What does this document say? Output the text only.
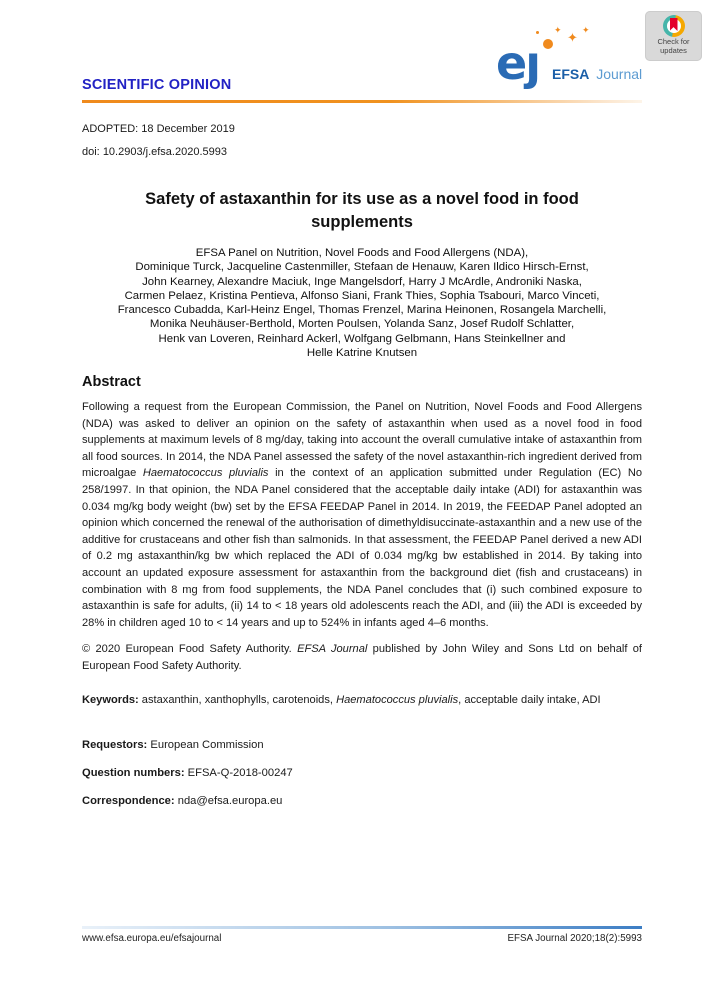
SCIENTIFIC OPINION
✦ ✦ ✦
eȷ EFSA Journal
Check for
updates
ADOPTED: 18 December 2019
doi: 10.2903/j.efsa.2020.5993
Safety of astaxanthin for its use as a novel food in food
supplements
EFSA Panel on Nutrition, Novel Foods and Food Allergens (NDA),
Dominique Turck, Jacqueline Castenmiller, Stefaan de Henauw, Karen Ildico Hirsch-Ernst,
John Kearney, Alexandre Maciuk, Inge Mangelsdorf, Harry J McArdle, Androniki Naska,
Carmen Pelaez, Kristina Pentieva, Alfonso Siani, Frank Thies, Sophia Tsabouri, Marco Vinceti,
Francesco Cubadda, Karl-Heinz Engel, Thomas Frenzel, Marina Heinonen, Rosangela Marchelli,
Monika Neuhäuser-Berthold, Morten Poulsen, Yolanda Sanz, Josef Rudolf Schlatter,
Henk van Loveren, Reinhard Ackerl, Wolfgang Gelbmann, Hans Steinkellner and
Helle Katrine Knutsen
Abstract

Following a request from the European Commission, the Panel on Nutrition, Novel Foods and Food Allergens (NDA) was asked to deliver an opinion on the safety of astaxanthin when used as a novel food in food supplements at maximum levels of 8 mg/day, taking into account the overall cumulative intake of astaxanthin from all food sources. In 2014, the NDA Panel assessed the safety of the novel astaxanthin-rich ingredient derived from microalgae Haematococcus pluvialis in the context of an application submitted under Regulation (EC) No 258/1997. In that opinion, the NDA Panel considered that the acceptable daily intake (ADI) for astaxanthin was 0.034 mg/kg body weight (bw) set by the EFSA FEEDAP Panel in 2014. In 2019, the FEEDAP Panel adopted an opinion which concerned the renewal of the authorisation of dimethyldisuccinate-astaxanthin and a new use of the additive for crustaceans and other fish than salmonids. In that assessment, the FEEDAP Panel derived a new ADI of 0.2 mg astaxanthin/kg bw which replaced the ADI of 0.034 mg/kg bw established in 2014. By taking into account an updated exposure assessment for astaxanthin from the background diet (fish and crustaceans) in combination with 8 mg from food supplements, the NDA Panel concludes that (i) such combined exposure to astaxanthin is safe for adults, (ii) 14 to < 18 years old adolescents reach the ADI, and (iii) the ADI is exceeded by 28% in children aged 10 to < 14 years and up to 524% in infants aged 4–6 months.

© 2020 European Food Safety Authority. EFSA Journal published by John Wiley and Sons Ltd on behalf of European Food Safety Authority.

Keywords: astaxanthin, xanthophylls, carotenoids, Haematococcus pluvialis, acceptable daily intake, ADI

Requestors: European Commission
Question numbers: EFSA-Q-2018-00247
Correspondence: nda@efsa.europa.eu
www.efsa.europa.eu/efsajournal	EFSA Journal 2020;18(2):5993
